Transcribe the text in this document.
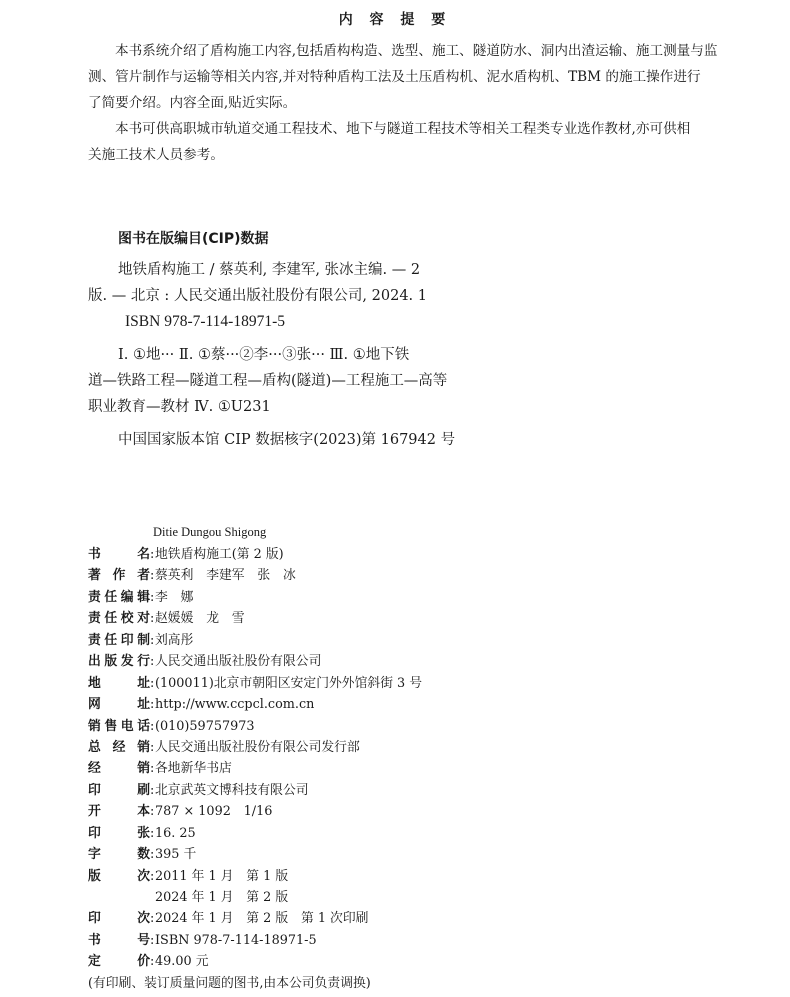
内 容 提 要
本书系统介绍了盾构施工内容,包括盾构构造、选型、施工、隧道防水、洞内出渣运输、施工测量与监
测、管片制作与运输等相关内容,并对特种盾构工法及土压盾构机、泥水盾构机、TBM 的施工操作进行
了简要介绍。内容全面,贴近实际。
本书可供高职城市轨道交通工程技术、地下与隧道工程技术等相关工程类专业选作教材,亦可供相
关施工技术人员参考。
图书在版编目(CIP)数据
地铁盾构施工 / 蔡英利, 李建军, 张冰主编. — 2
版. — 北京 : 人民交通出版社股份有限公司, 2024. 1
ISBN 978-7-114-18971-5
Ⅰ. ①地··· Ⅱ. ①蔡···②李···③张··· Ⅲ. ①地下铁
道—铁路工程—隧道工程—盾构(隧道)—工程施工—高等
职业教育—教材 Ⅳ. ①U231
中国国家版本馆 CIP 数据核字(2023)第 167942 号
Ditie Dungou Shigong
书名 : 地铁盾构施工(第 2 版)
著作者 : 蔡英利　李建军　张　冰
责任编辑 : 李　娜
责任校对 : 赵媛媛　龙　雪
责任印制 : 刘高彤
出版发行 : 人民交通出版社股份有限公司
地址 : (100011)北京市朝阳区安定门外外馆斜街 3 号
网址 : http://www.ccpcl.com.cn
销售电话 : (010)59757973
总经销 : 人民交通出版社股份有限公司发行部
经销 : 各地新华书店
印刷 : 北京武英文博科技有限公司
开本 : 787 × 1092　1/16
印张 : 16. 25
字数 : 395 千
版次 : 2011 年 1 月　第 1 版
2024 年 1 月　第 2 版
印次 : 2024 年 1 月　第 2 版　第 1 次印刷
书号 : ISBN 978-7-114-18971-5
定价 : 49.00 元
(有印刷、装订质量问题的图书,由本公司负责调换)
